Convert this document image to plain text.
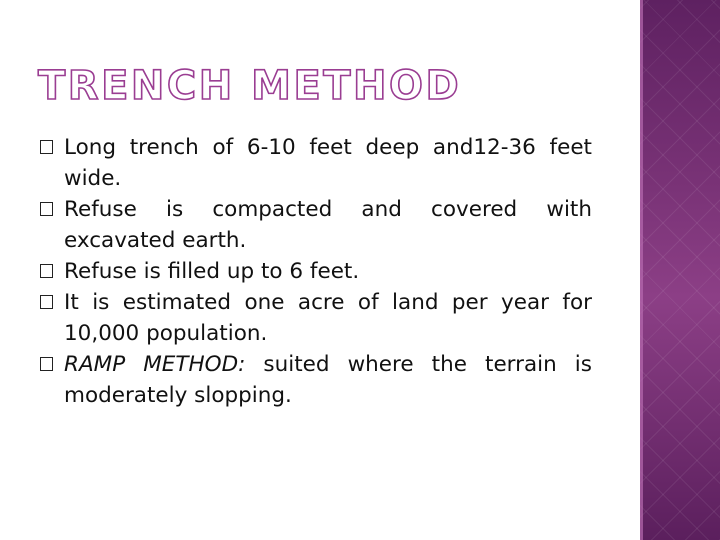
TRENCH METHOD
Long trench of 6-10 feet deep and12-36 feet wide.
Refuse is compacted and covered with excavated earth.
Refuse is filled up to 6 feet.
It is estimated one acre of land per year for 10,000 population.
RAMP METHOD: suited where the terrain is moderately slopping.
